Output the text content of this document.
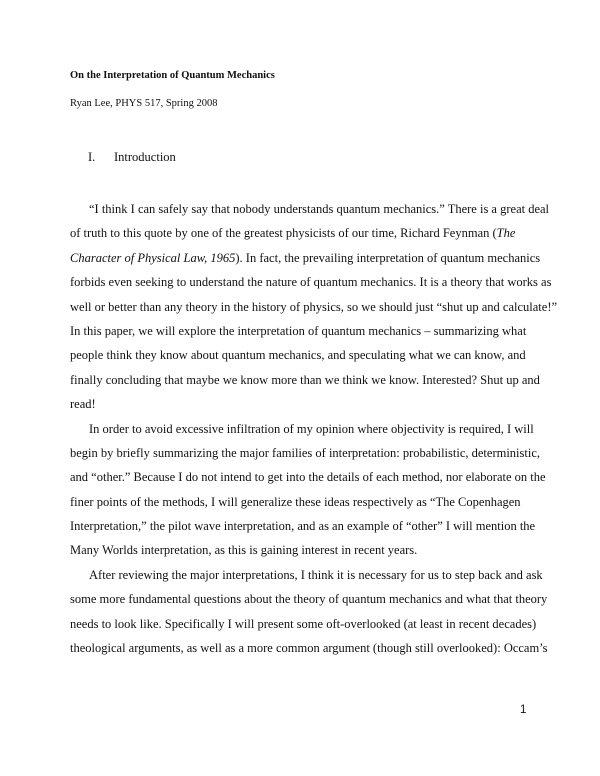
On the Interpretation of Quantum Mechanics
Ryan Lee, PHYS 517, Spring 2008
I. Introduction
“I think I can safely say that nobody understands quantum mechanics.” There is a great deal
of truth to this quote by one of the greatest physicists of our time, Richard Feynman (The
Character of Physical Law, 1965). In fact, the prevailing interpretation of quantum mechanics
forbids even seeking to understand the nature of quantum mechanics. It is a theory that works as
well or better than any theory in the history of physics, so we should just “shut up and calculate!”
In this paper, we will explore the interpretation of quantum mechanics – summarizing what
people think they know about quantum mechanics, and speculating what we can know, and
finally concluding that maybe we know more than we think we know. Interested? Shut up and
read!
In order to avoid excessive infiltration of my opinion where objectivity is required, I will
begin by briefly summarizing the major families of interpretation: probabilistic, deterministic,
and “other.” Because I do not intend to get into the details of each method, nor elaborate on the
finer points of the methods, I will generalize these ideas respectively as “The Copenhagen
Interpretation,” the pilot wave interpretation, and as an example of “other” I will mention the
Many Worlds interpretation, as this is gaining interest in recent years.
After reviewing the major interpretations, I think it is necessary for us to step back and ask
some more fundamental questions about the theory of quantum mechanics and what that theory
needs to look like. Specifically I will present some oft-overlooked (at least in recent decades)
theological arguments, as well as a more common argument (though still overlooked): Occam’s
1
